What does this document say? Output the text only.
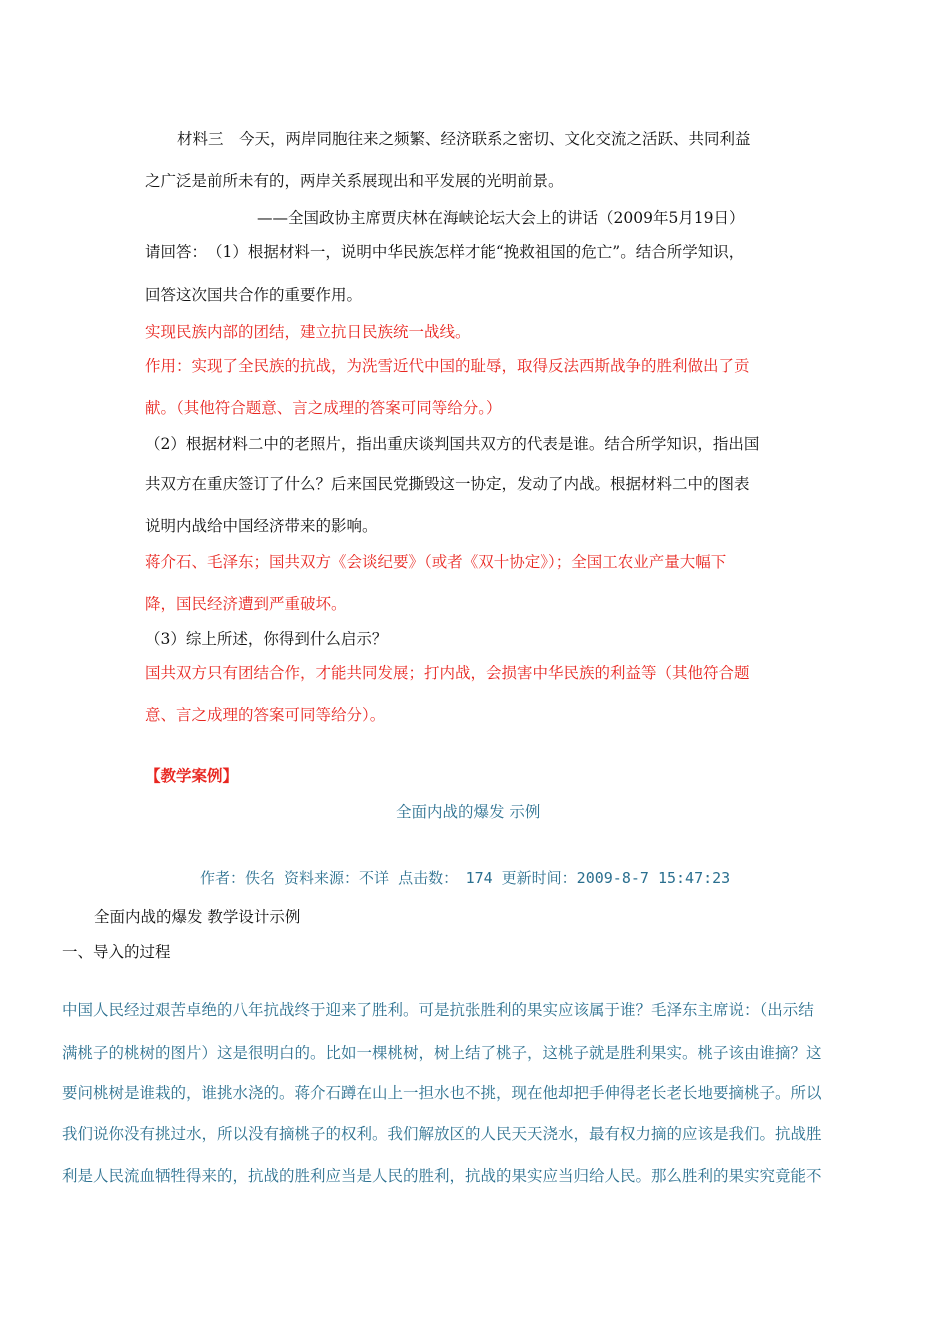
材料三　今天，两岸同胞往来之频繁、经济联系之密切、文化交流之活跃、共同利益
之广泛是前所未有的，两岸关系展现出和平发展的光明前景。
——全国政协主席贾庆林在海峡论坛大会上的讲话（2009年5月19日）
请回答：　（1）根据材料一，说明中华民族怎样才能“挽救祖国的危亡”。结合所学知识，
回答这次国共合作的重要作用。
实现民族内部的团结，建立抗日民族统一战线。
作用：实现了全民族的抗战，为洗雪近代中国的耻辱，取得反法西斯战争的胜利做出了贡
献。（其他符合题意、言之成理的答案可同等给分。）
（2）根据材料二中的老照片，指出重庆谈判国共双方的代表是谁。结合所学知识，指出国
共双方在重庆签订了什么？后来国民党撕毁这一协定，发动了内战。根据材料二中的图表
说明内战给中国经济带来的影响。
蒋介石、毛泽东；国共双方《会谈纪要》（或者《双十协定》）；全国工农业产量大幅下
降，国民经济遭到严重破坏。
（3）综上所述，你得到什么启示？
国共双方只有团结合作，才能共同发展；打内战，会损害中华民族的利益等（其他符合题
意、言之成理的答案可同等给分）。
【教学案例】
全面内战的爆发 示例
作者：佚名 资料来源：不详 点击数：　174 更新时间：2009-8-7 15:47:23
全面内战的爆发 教学设计示例
一、导入的过程
中国人民经过艰苦卓绝的八年抗战终于迎来了胜利。可是抗张胜利的果实应该属于谁？毛泽东主席说：（出示结
满桃子的桃树的图片）这是很明白的。比如一棵桃树，树上结了桃子，这桃子就是胜利果实。桃子该由谁摘？这
要问桃树是谁栽的，谁挑水浇的。蒋介石蹲在山上一担水也不挑，现在他却把手伸得老长老长地要摘桃子。所以
我们说你没有挑过水，所以没有摘桃子的权利。我们解放区的人民天天浇水，最有权力摘的应该是我们。抗战胜
利是人民流血牺牲得来的，抗战的胜利应当是人民的胜利，抗战的果实应当归给人民。那么胜利的果实究竟能不
